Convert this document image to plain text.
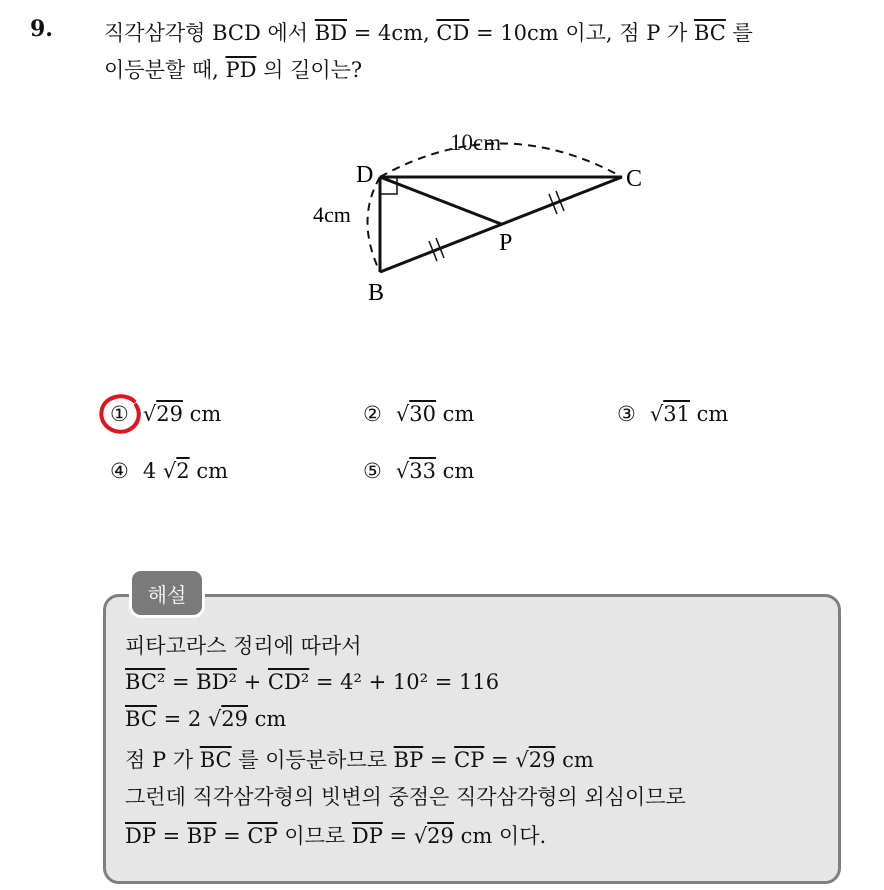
9. 직각삼각형 BCD 에서 $\overline{BD} = 4cm$, $\overline{CD} = 10cm$ 이고, 점 P 가 $\overline{BC}$ 를
이등분할 때, $\overline{PD}$ 의 길이는?
D	C
B
P
10cm
4cm
① √29 cm	② √30 cm	③ √31 cm
④ 4 √2 cm	⑤ √33 cm
해설
피타고라스 정리에 따라서
BC² = BD² + CD² = 4² + 10² = 116
$\overline{BC} = 2$ √29 cm
점 P 가 $\overline{BC}$ 를 이등분하므로 $\overline{BP} = \overline{CP} = √29$ cm
그런데 직각삼각형의 빗변의 중점은 직각삼각형의 외심이므로
$\overline{DP} = \overline{BP} = \overline{CP}$ 이므로 $\overline{DP} = √29$ cm 이다.
